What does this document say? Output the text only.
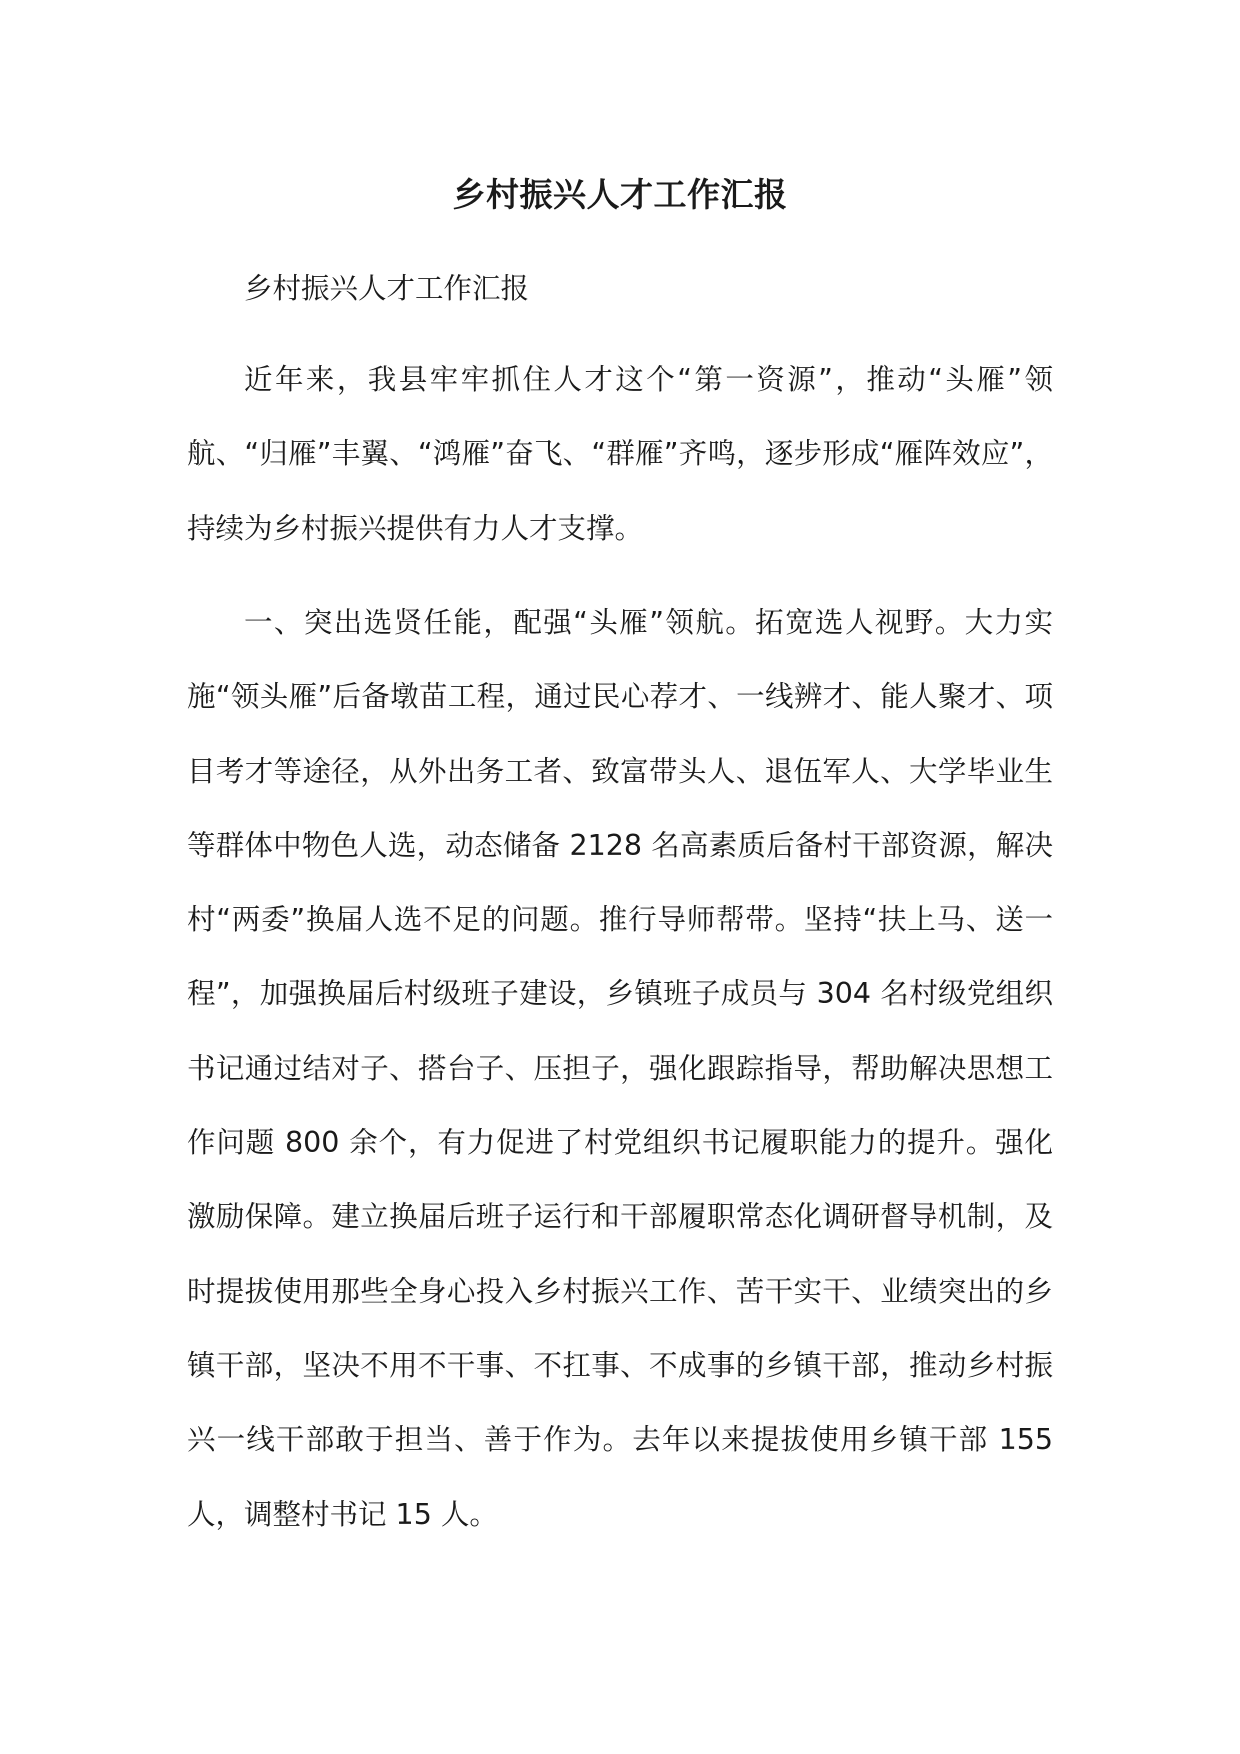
乡村振兴人才工作汇报

乡村振兴人才工作汇报

近年来，我县牢牢抓住人才这个“第一资源”，推动“头雁”领航、“归雁”丰翼、“鸿雁”奋飞、“群雁”齐鸣，逐步形成“雁阵效应”，持续为乡村振兴提供有力人才支撑。

一、突出选贤任能，配强“头雁”领航。拓宽选人视野。大力实施“领头雁”后备墩苗工程，通过民心荐才、一线辨才、能人聚才、项目考才等途径，从外出务工者、致富带头人、退伍军人、大学毕业生等群体中物色人选，动态储备 2128 名高素质后备村干部资源，解决村“两委”换届人选不足的问题。推行导师帮带。坚持“扶上马、送一程”，加强换届后村级班子建设，乡镇班子成员与 304 名村级党组织书记通过结对子、搭台子、压担子，强化跟踪指导，帮助解决思想工作问题 800 余个，有力促进了村党组织书记履职能力的提升。强化激励保障。建立换届后班子运行和干部履职常态化调研督导机制，及时提拔使用那些全身心投入乡村振兴工作、苦干实干、业绩突出的乡镇干部，坚决不用不干事、不扛事、不成事的乡镇干部，推动乡村振兴一线干部敢于担当、善于作为。去年以来提拔使用乡镇干部 155 人，调整村书记 15 人。
